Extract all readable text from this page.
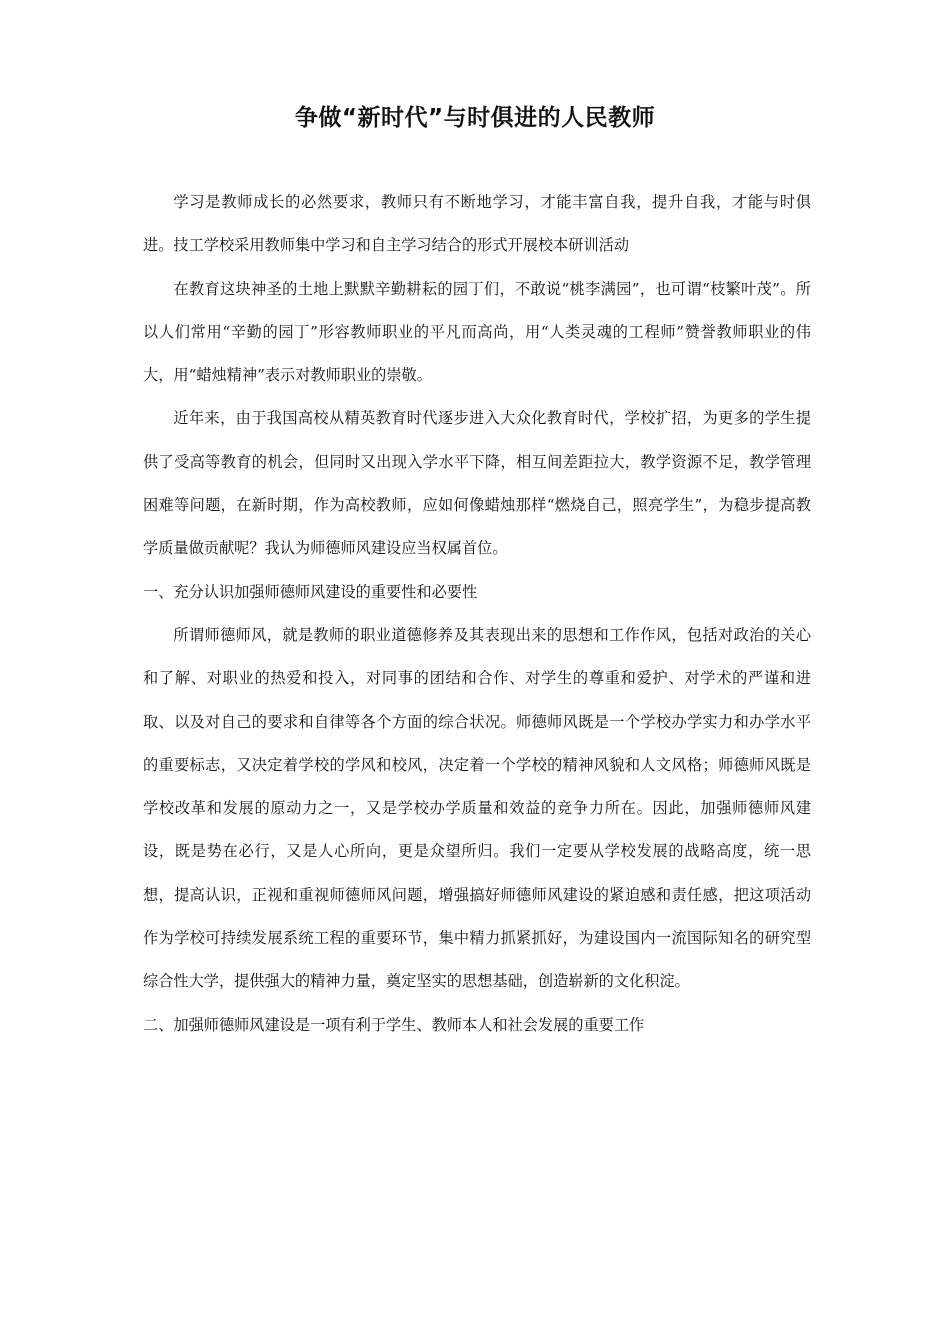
争做“新时代”与时俱进的人民教师

学习是教师成长的必然要求，教师只有不断地学习，才能丰富自我，提升自我，才能与时俱进。技工学校采用教师集中学习和自主学习结合的形式开展校本研训活动

在教育这块神圣的土地上默默辛勤耕耘的园丁们，不敢说“桃李满园”，也可谓“枝繁叶茂”。所以人们常用“辛勤的园丁”形容教师职业的平凡而高尚，用“人类灵魂的工程师”赞誉教师职业的伟大，用“蜡烛精神”表示对教师职业的崇敬。

近年来，由于我国高校从精英教育时代逐步进入大众化教育时代，学校扩招，为更多的学生提供了受高等教育的机会，但同时又出现入学水平下降，相互间差距拉大，教学资源不足，教学管理困难等问题，在新时期，作为高校教师，应如何像蜡烛那样“燃烧自己，照亮学生”，为稳步提高教学质量做贡献呢？我认为师德师风建设应当权属首位。

一、充分认识加强师德师风建设的重要性和必要性

所谓师德师风，就是教师的职业道德修养及其表现出来的思想和工作作风，包括对政治的关心和了解、对职业的热爱和投入，对同事的团结和合作、对学生的尊重和爱护、对学术的严谨和进取、以及对自己的要求和自律等各个方面的综合状况。师德师风既是一个学校办学实力和办学水平的重要标志，又决定着学校的学风和校风，决定着一个学校的精神风貌和人文风格；师德师风既是学校改革和发展的原动力之一，又是学校办学质量和效益的竞争力所在。因此，加强师德师风建设，既是势在必行，又是人心所向，更是众望所归。我们一定要从学校发展的战略高度，统一思想，提高认识，正视和重视师德师风问题，增强搞好师德师风建设的紧迫感和责任感，把这项活动作为学校可持续发展系统工程的重要环节，集中精力抓紧抓好，为建设国内一流国际知名的研究型综合性大学，提供强大的精神力量，奠定坚实的思想基础，创造崭新的文化积淀。

二、加强师德师风建设是一项有利于学生、教师本人和社会发展的重要工作
